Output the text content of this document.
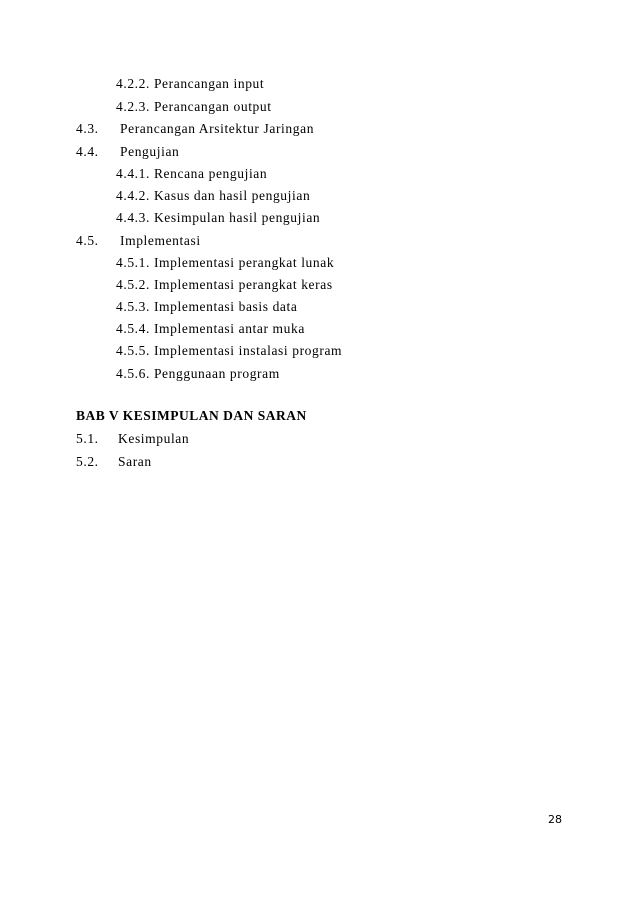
4.2.2. Perancangan input
4.2.3. Perancangan output
4.3. Perancangan Arsitektur Jaringan
4.4. Pengujian
4.4.1. Rencana pengujian
4.4.2. Kasus dan hasil pengujian
4.4.3. Kesimpulan hasil pengujian
4.5. Implementasi
4.5.1. Implementasi perangkat lunak
4.5.2. Implementasi perangkat keras
4.5.3. Implementasi basis data
4.5.4. Implementasi antar muka
4.5.5. Implementasi instalasi program
4.5.6. Penggunaan program
BAB V KESIMPULAN DAN SARAN
5.1. Kesimpulan
5.2. Saran
28
